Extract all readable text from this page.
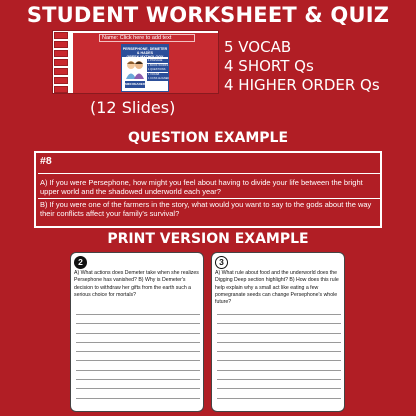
STUDENT WORKSHEET & QUIZ
Name: Click here to add text
PERSEPHONE, DEMETER & HADES
GREEK MYTHOLOGY
1 PASSAGE
1 BOOK WORKS
1 QUESTIONS
1 VOCAB
1 CCSS ALIGNED
MINI READER
5 VOCAB
4 SHORT Qs
4 HIGHER ORDER Qs
(12 Slides)
QUESTION EXAMPLE
#8
A) If you were Persephone, how might you feel about having to divide your life between the bright upper world and the shadowed underworld each year?
B) If you were one of the farmers in the story, what would you want to say to the gods about the way their conflicts affect your family's survival?
PRINT VERSION EXAMPLE
2
A) What actions does Demeter take when she realizes Persephone has vanished? B) Why is Demeter's decision to withdraw her gifts from the earth such a serious choice for mortals?
3
A) What rule about food and the underworld does the Digging Deep section highlight? B) How does this rule help explain why a small act like eating a few pomegranate seeds can change Persephone's whole future?
